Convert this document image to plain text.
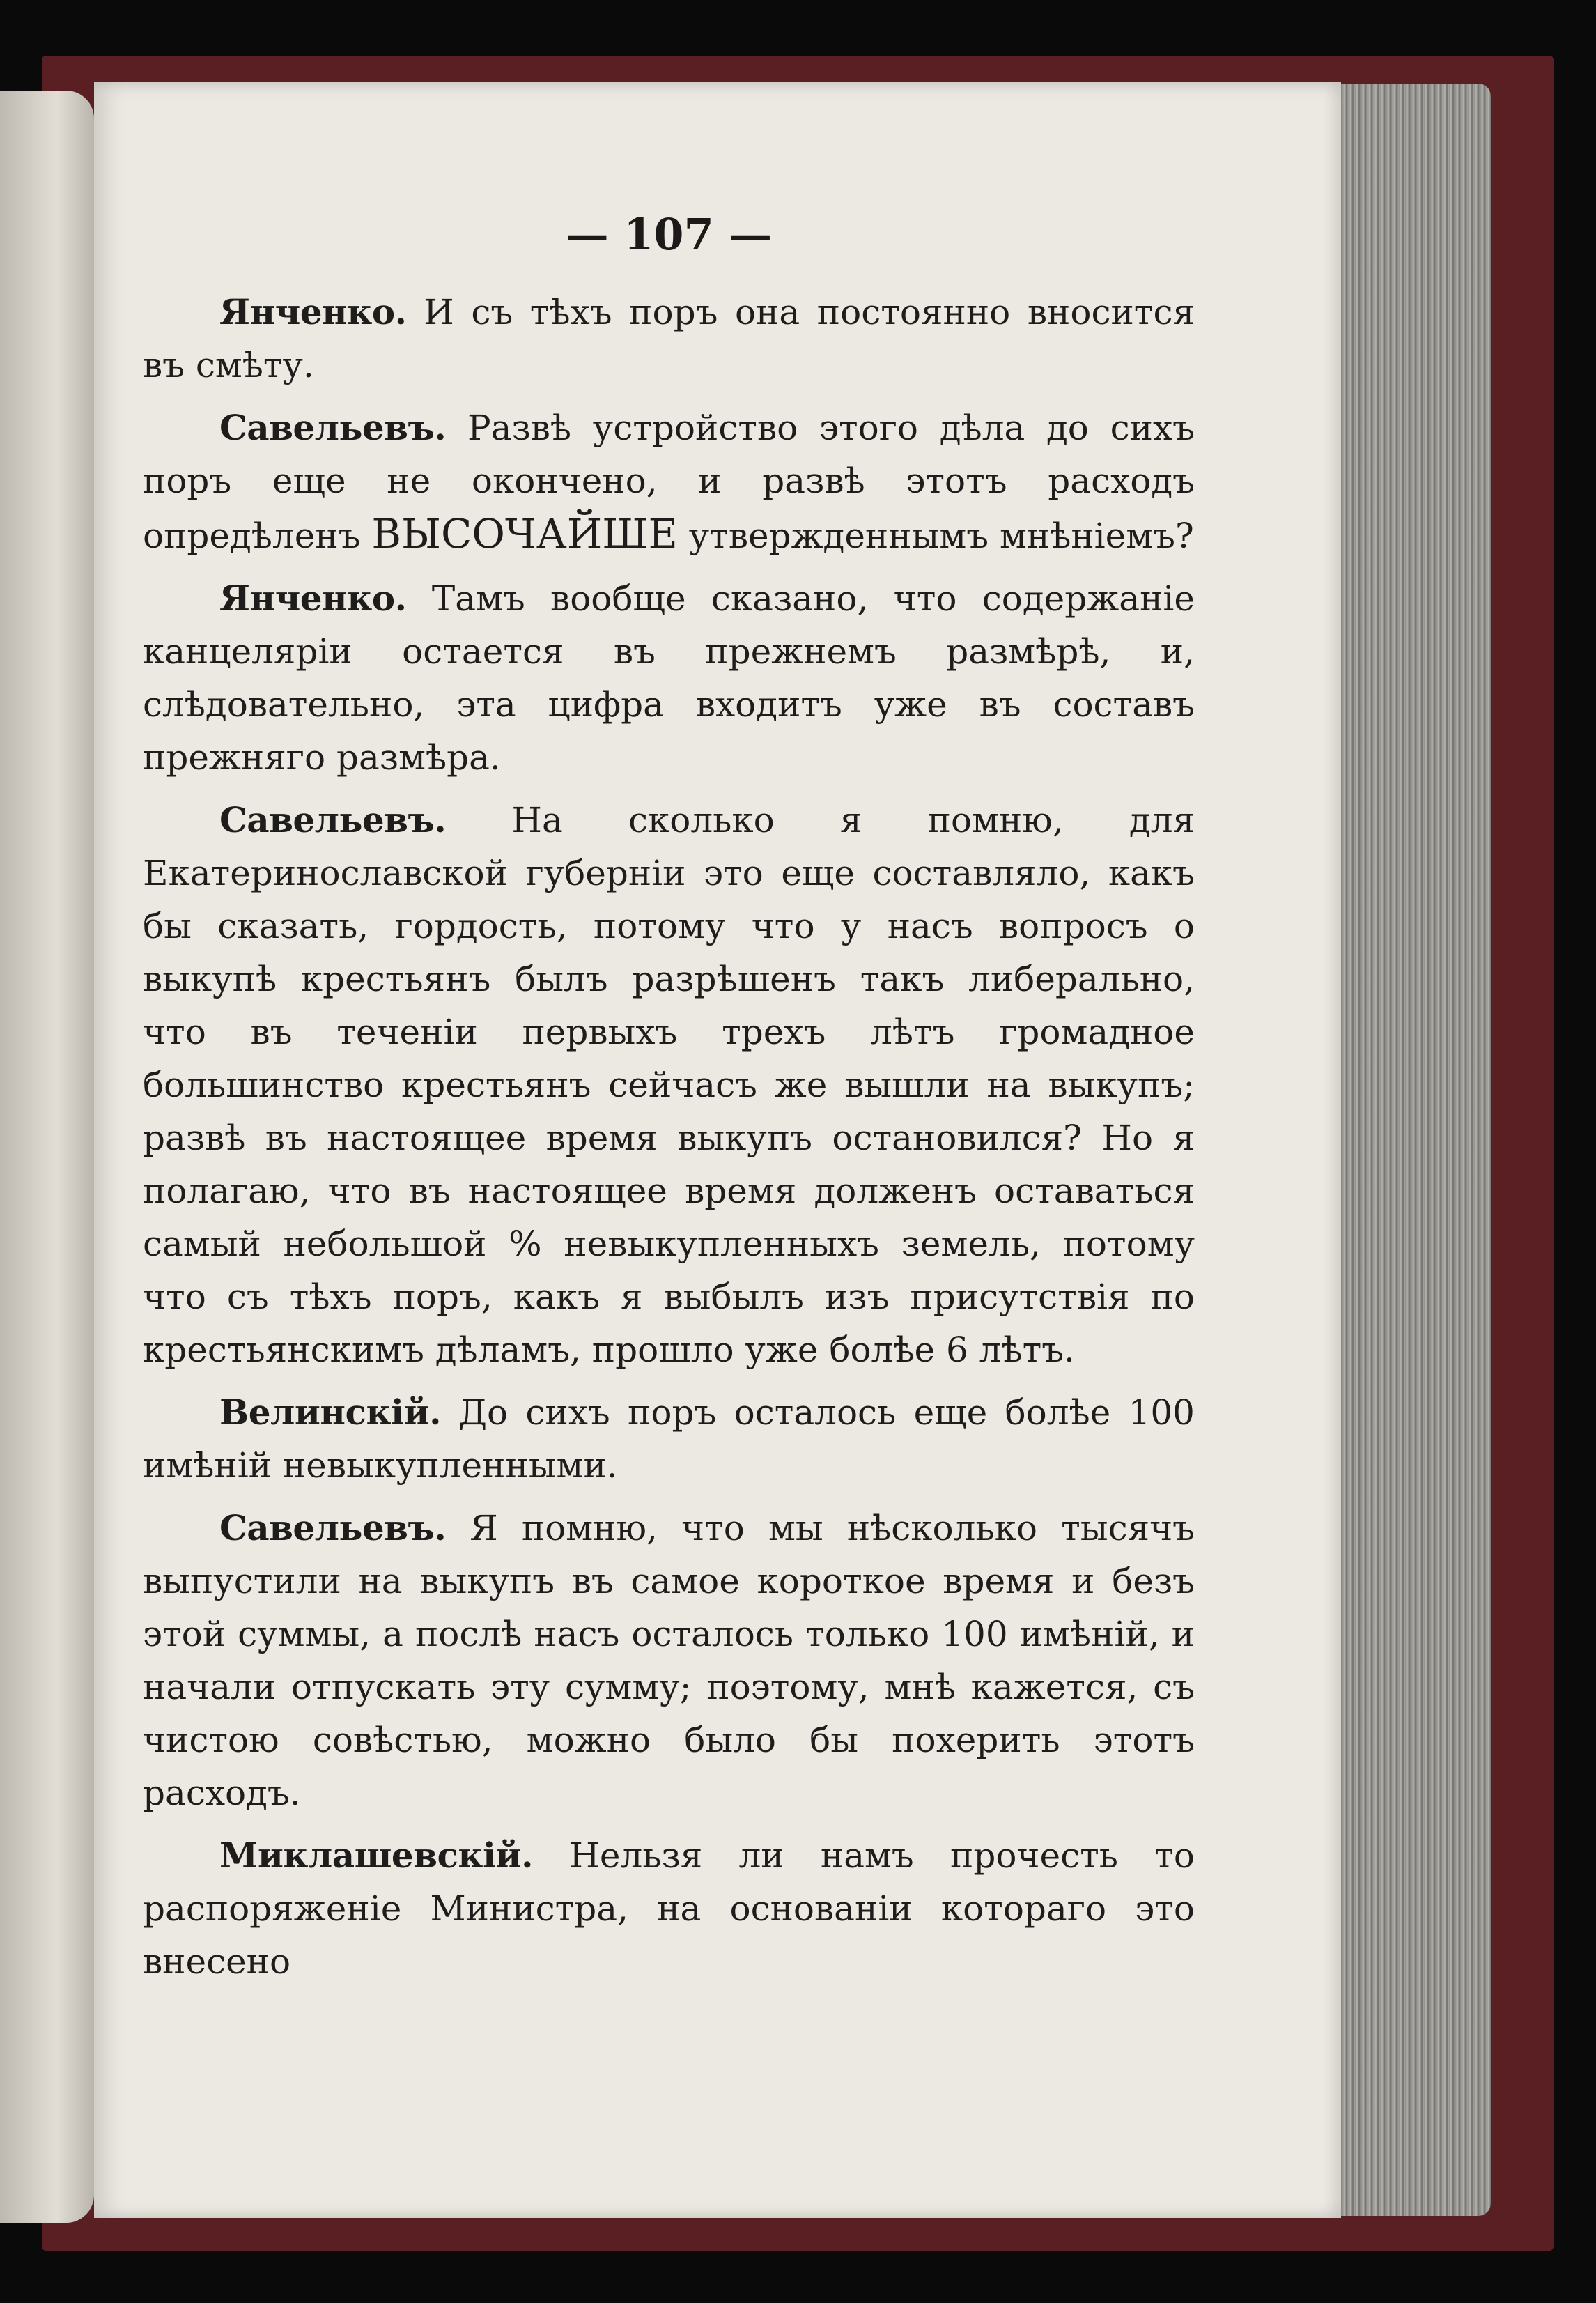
— 107 —

Янченко. И съ тѣхъ поръ она постоянно вносится въ смѣту.

Савельевъ. Развѣ устройство этого дѣла до сихъ поръ еще не окончено, и развѣ этотъ расходъ опредѣленъ ВЫСОЧАЙШЕ утвержденнымъ мнѣніемъ?

Янченко. Тамъ вообще сказано, что содержаніе канцеляріи остается въ прежнемъ размѣрѣ, и, слѣдовательно, эта цифра входитъ уже въ составъ прежняго размѣра.

Савельевъ. На сколько я помню, для Екатеринославской губерніи это еще составляло, какъ бы сказать, гордость, потому что у насъ вопросъ о выкупѣ крестьянъ былъ разрѣшенъ такъ либерально, что въ теченіи первыхъ трехъ лѣтъ громадное большинство крестьянъ сейчасъ же вышли на выкупъ; развѣ въ настоящее время выкупъ остановился? Но я полагаю, что въ настоящее время долженъ оставаться самый небольшой % невыкупленныхъ земель, потому что съ тѣхъ поръ, какъ я выбылъ изъ присутствія по крестьянскимъ дѣламъ, прошло уже болѣе 6 лѣтъ.

Велинскій. До сихъ поръ осталось еще болѣе 100 имѣній невыкупленными.

Савельевъ. Я помню, что мы нѣсколько тысячъ выпустили на выкупъ въ самое короткое время и безъ этой суммы, а послѣ насъ осталось только 100 имѣній, и начали отпускать эту сумму; поэтому, мнѣ кажется, съ чистою совѣстью, можно было бы похерить этотъ расходъ.

Миклашевскій. Нельзя ли намъ прочесть то распоряженіе Министра, на основаніи котораго это внесено
